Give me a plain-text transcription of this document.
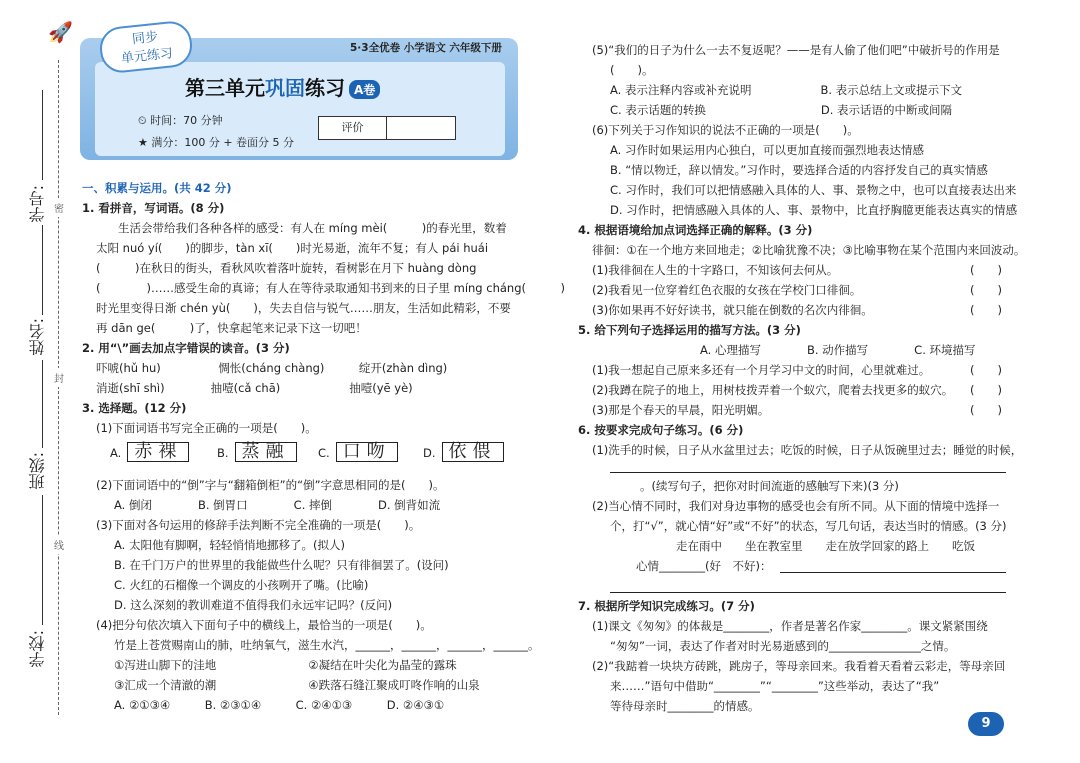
🚀
密
封
线
学号:
姓名:
班级:
学校:
同步
单元练习	5·3全优卷 小学语文 六年级下册
第三单元巩固练习 A卷
⏲ 时间：70 分钟
★ 满分：100 分 + 卷面分 5 分
评价
一、积累与运用。(共 42 分)
1. 看拼音，写词语。(8 分)
生活会带给我们各种各样的感受：有人在 míng mèi(　　　)的春光里，数着
太阳 nuó yí(　　)的脚步，tàn xī(　　)时光易逝，流年不复；有人 pái huái
(　　　)在秋日的街头，看秋风吹着落叶旋转，看树影在月下 huàng dòng
(　　　　)……感受生命的真谛；有人在等待录取通知书到来的日子里 míng cháng(　　　)
时光里变得日渐 chén yù(　　)，失去自信与锐气……朋友，生活如此精彩，不要
再 dān ge(　　　)了，快拿起笔来记录下这一切吧！
2. 用“\”画去加点字错误的读音。(3 分)
吓唬(hǔ hu)　　　　　惆怅(cháng chàng)　　　绽开(zhàn dìng)
消逝(shī shì)　　　　抽噎(cǎ chā)　　　　　　抽噎(yē yè)
3. 选择题。(12 分)
(1)下面词语书写完全正确的一项是(　　)。
A. 赤裸	B. 蒸融	C. 口吻	D. 依偎
(2)下面词语中的“倒”字与“翻箱倒柜”的“倒”字意思相同的是(　　)。
A. 倒闭　　　　B. 倒胃口　　　　C. 摔倒　　　　D. 倒背如流
(3)下面对各句运用的修辞手法判断不完全准确的一项是(　　)。
A. 太阳他有脚啊，轻轻悄悄地挪移了。(拟人)
B. 在千门万户的世界里的我能做些什么呢？只有徘徊罢了。(设问)
C. 火红的石榴像一个调皮的小孩咧开了嘴。(比喻)
D. 这么深刻的教训难道不值得我们永远牢记吗？(反问)
(4)把分句依次填入下面句子中的横线上，最恰当的一项是(　　)。
竹是上苍赏赐南山的肺，吐纳氧气，滋生水汽，______，______，______，______。
①泻进山脚下的洼地　　　　　　　　②凝结在叶尖化为晶莹的露珠
③汇成一个清澈的潮　　　　　　　　④跌落石缝江聚成叮咚作响的山泉
A. ②①③④　　　B. ②③①④　　　C. ②④①③　　　D. ②④③①
(5)“我们的日子为什么一去不复返呢？——是有人偷了他们吧”中破折号的作用是
(　　)。
A. 表示注释内容或补充说明　　　　　　B. 表示总结上文或提示下文
C. 表示话题的转换　　　　　　　　　　D. 表示话语的中断或间隔
(6)下列关于习作知识的说法不正确的一项是(　　)。
A. 习作时如果运用内心独白，可以更加直接而强烈地表达情感
B. “情以物迁，辞以情发。”习作时，要选择合适的内容抒发自己的真实情感
C. 习作时，我们可以把情感融入具体的人、事、景物之中，也可以直接表达出来
D. 习作时，把情感融入具体的人、事、景物中，比直抒胸臆更能表达真实的情感
4. 根据语境给加点词选择正确的解释。(3 分)
徘徊：①在一个地方来回地走；②比喻犹豫不决；③比喻事物在某个范围内来回波动。
(1)我徘徊在人生的十字路口，不知该何去何从。	(　　)
(2)我看见一位穿着红色衣服的女孩在学校门口徘徊。	(　　)
(3)你如果再不好好读书，就只能在倒数的名次内徘徊。	(　　)
5. 给下列句子选择运用的描写方法。(3 分)
A. 心理描写　　　　B. 动作描写　　　　C. 环境描写
(1)我一想起自己原来多还有一个月学习中文的时间，心里就难过。	(　　)
(2)我蹲在院子的地上，用树枝拨弄着一个蚁穴，爬着去找更多的蚁穴。 (　　)
(3)那是个春天的早晨，阳光明媚。	(　　)
6. 按要求完成句子练习。(6 分)
(1)洗手的时候，日子从水盆里过去；吃饭的时候，日子从饭碗里过去；睡觉的时候，
。(续写句子，把你对时间流逝的感触写下来)(3 分)
(2)当心情不同时，我们对身边事物的感受也会有所不同。从下面的情境中选择一
个，打“√”，就心情“好”或“不好”的状态，写几句话，表达当时的情感。(3 分)
走在雨中　　坐在教室里　　走在放学回家的路上　　吃饭
心情________(好　不好)：
7. 根据所学知识完成练习。(7 分)
(1)课文《匆匆》的体裁是________，作者是著名作家________。课文紧紧围绕
“匆匆”一词，表达了作者对时光易逝感到的________________之情。
(2)“我踮着一块块方砖跳，跳房子，等母亲回来。我看着天看着云彩走，等母亲回
来……”语句中借助“________”“________”这些举动，表达了“我”
等待母亲时________的情感。
9
